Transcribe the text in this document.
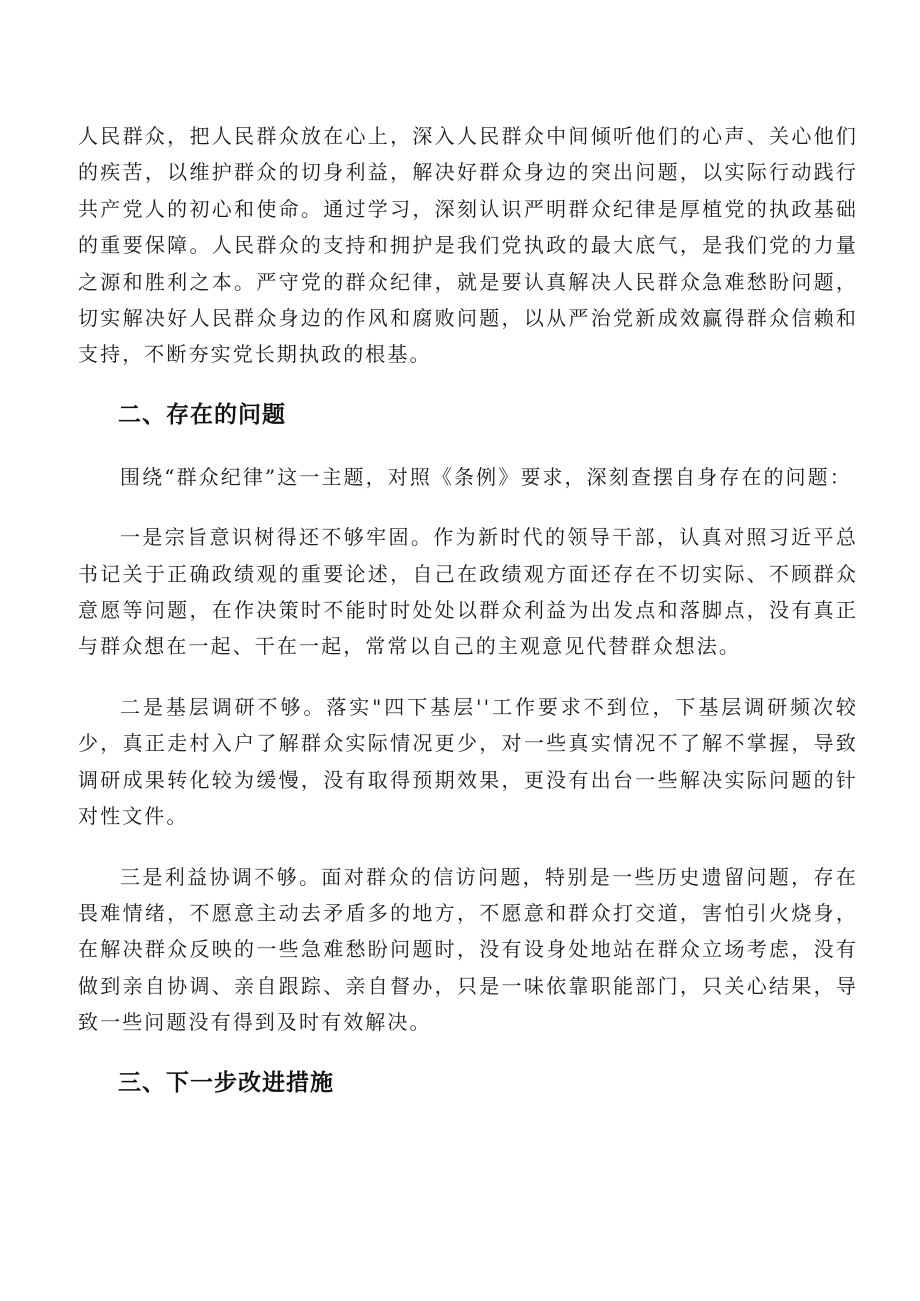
人民群众，把人民群众放在心上，深入人民群众中间倾听他们的心声、关心他们的疾苦，以维护群众的切身利益，解决好群众身边的突出问题，以实际行动践行共产党人的初心和使命。通过学习，深刻认识严明群众纪律是厚植党的执政基础的重要保障。人民群众的支持和拥护是我们党执政的最大底气，是我们党的力量之源和胜利之本。严守党的群众纪律，就是要认真解决人民群众急难愁盼问题，切实解决好人民群众身边的作风和腐败问题，以从严治党新成效赢得群众信赖和支持，不断夯实党长期执政的根基。

二、存在的问题

围绕“群众纪律”这一主题，对照《条例》要求，深刻查摆自身存在的问题：

一是宗旨意识树得还不够牢固。作为新时代的领导干部，认真对照习近平总书记关于正确政绩观的重要论述，自己在政绩观方面还存在不切实际、不顾群众意愿等问题，在作决策时不能时时处处以群众利益为出发点和落脚点，没有真正与群众想在一起、干在一起，常常以自己的主观意见代替群众想法。

二是基层调研不够。落实"四下基层''工作要求不到位，下基层调研频次较少，真正走村入户了解群众实际情况更少，对一些真实情况不了解不掌握，导致调研成果转化较为缓慢，没有取得预期效果，更没有出台一些解决实际问题的针对性文件。

三是利益协调不够。面对群众的信访问题，特别是一些历史遗留问题，存在畏难情绪，不愿意主动去矛盾多的地方，不愿意和群众打交道，害怕引火烧身，在解决群众反映的一些急难愁盼问题时，没有设身处地站在群众立场考虑，没有做到亲自协调、亲自跟踪、亲自督办，只是一味依靠职能部门，只关心结果，导致一些问题没有得到及时有效解决。

三、下一步改进措施
